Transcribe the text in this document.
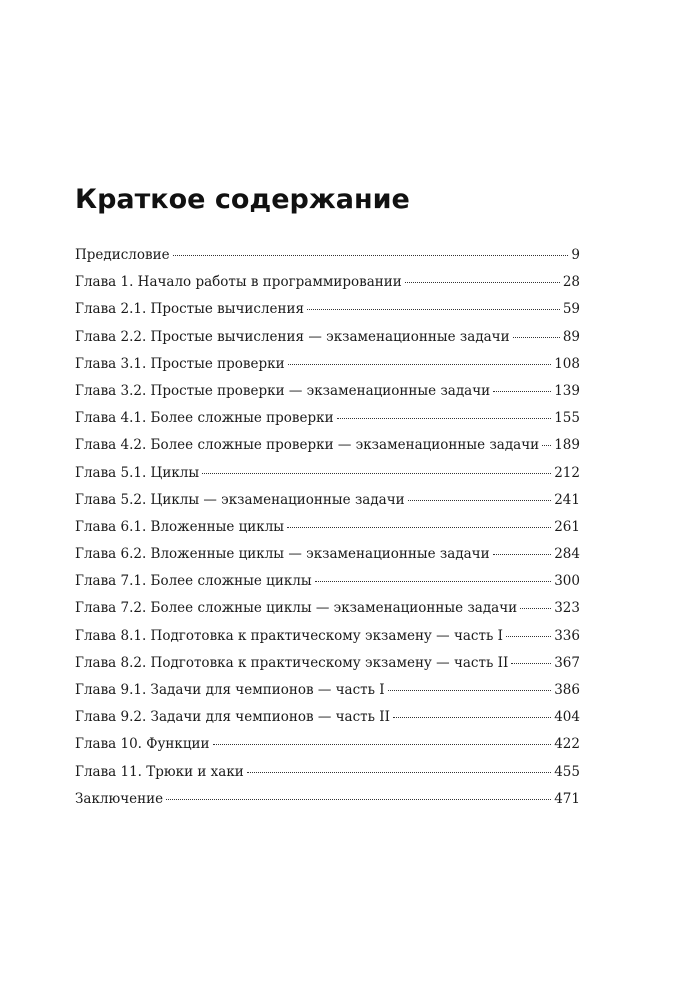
Краткое содержание
Предисловие	9
Глава 1. Начало работы в программировании	28
Глава 2.1. Простые вычисления	59
Глава 2.2. Простые вычисления — экзаменационные задачи	89
Глава 3.1. Простые проверки	108
Глава 3.2. Простые проверки — экзаменационные задачи	139
Глава 4.1. Более сложные проверки	155
Глава 4.2. Более сложные проверки — экзаменационные задачи 189
Глава 5.1. Циклы	212
Глава 5.2. Циклы — экзаменационные задачи	241
Глава 6.1. Вложенные циклы	261
Глава 6.2. Вложенные циклы — экзаменационные задачи	284
Глава 7.1. Более сложные циклы	300
Глава 7.2. Более сложные циклы — экзаменационные задачи	323
Глава 8.1. Подготовка к практическому экзамену — часть I	336
Глава 8.2. Подготовка к практическому экзамену — часть II	367
Глава 9.1. Задачи для чемпионов — часть I	386
Глава 9.2. Задачи для чемпионов — часть II	404
Глава 10. Функции	422
Глава 11. Трюки и хаки	455
Заключение	471
